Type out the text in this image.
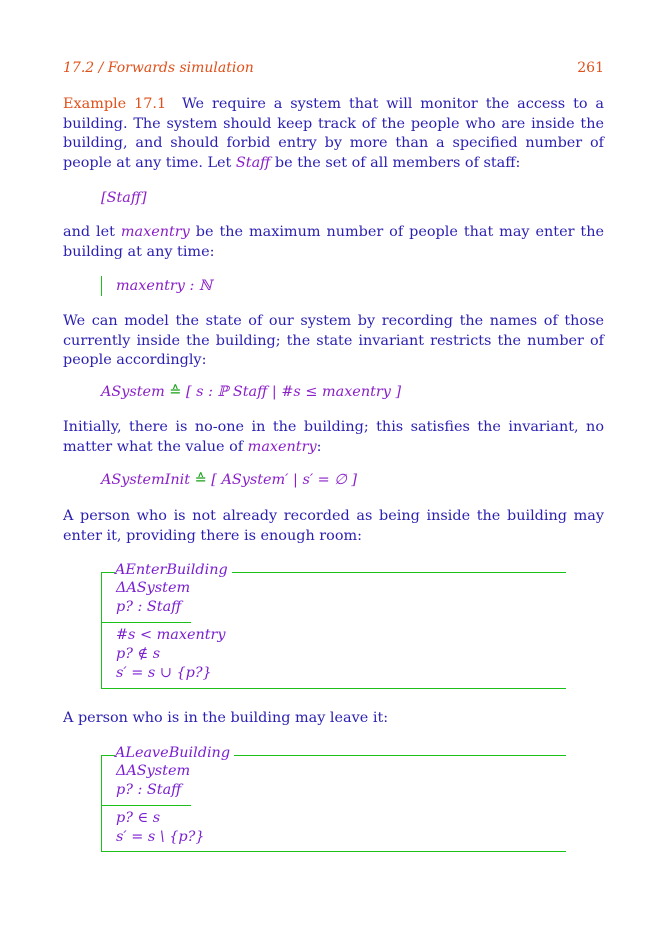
17.2 / Forwards simulation	261
Example 17.1 We require a system that will monitor the access to a building. The system should keep track of the people who are inside the building, and should forbid entry by more than a specified number of people at any time. Let Staff be the set of all members of staff:
[Staff]
and let maxentry be the maximum number of people that may enter the building at any time:
maxentry : ℕ
We can model the state of our system by recording the names of those currently inside the building; the state invariant restricts the number of people accordingly:
ASystem ≙ [ s : ℙ Staff | #s ≤ maxentry ]
Initially, there is no-one in the building; this satisfies the invariant, no matter what the value of maxentry:
ASystemInit ≙ [ ASystem′ | s′ = ∅ ]
A person who is not already recorded as being inside the building may enter it, providing there is enough room:
AEnterBuilding
ΔASystem
p? : Staff
#s < maxentry
p? ∉ s
s′ = s ∪ {p?}
A person who is in the building may leave it:
ALeaveBuilding
ΔASystem
p? : Staff
p? ∈ s
s′ = s \ {p?}
